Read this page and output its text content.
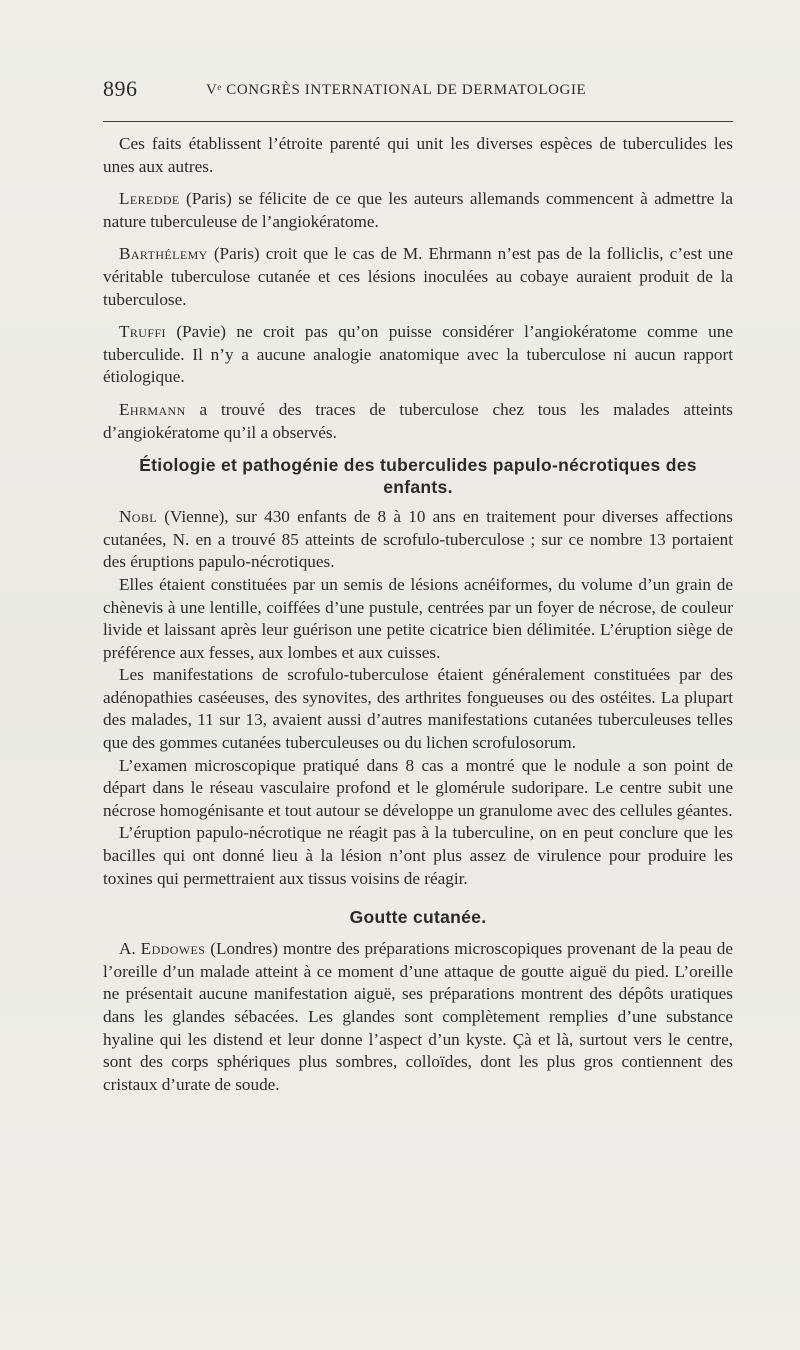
896	Vᵉ CONGRÈS INTERNATIONAL DE DERMATOLOGIE

Ces faits établissent l’étroite parenté qui unit les diverses espèces de tuberculides les unes aux autres.

Leredde (Paris) se félicite de ce que les auteurs allemands commencent à admettre la nature tuberculeuse de l’angiokératome.

Barthélemy (Paris) croit que le cas de M. Ehrmann n’est pas de la folliclis, c’est une véritable tuberculose cutanée et ces lésions inoculées au cobaye auraient produit de la tuberculose.

Truffi (Pavie) ne croit pas qu’on puisse considérer l’angiokératome comme une tuberculide. Il n’y a aucune analogie anatomique avec la tuberculose ni aucun rapport étiologique.

Ehrmann a trouvé des traces de tuberculose chez tous les malades atteints d’angiokératome qu’il a observés.

Étiologie et pathogénie des tuberculides papulo-nécrotiques des enfants.

Nobl (Vienne), sur 430 enfants de 8 à 10 ans en traitement pour diverses affections cutanées, N. en a trouvé 85 atteints de scrofulo-tuberculose ; sur ce nombre 13 portaient des éruptions papulo-nécrotiques.

Elles étaient constituées par un semis de lésions acnéiformes, du volume d’un grain de chènevis à une lentille, coiffées d’une pustule, centrées par un foyer de nécrose, de couleur livide et laissant après leur guérison une petite cicatrice bien délimitée. L’éruption siège de préférence aux fesses, aux lombes et aux cuisses.

Les manifestations de scrofulo-tuberculose étaient généralement constituées par des adénopathies caséeuses, des synovites, des arthrites fongueuses ou des ostéites. La plupart des malades, 11 sur 13, avaient aussi d’autres manifestations cutanées tuberculeuses telles que des gommes cutanées tuberculeuses ou du lichen scrofulosorum.

L’examen microscopique pratiqué dans 8 cas a montré que le nodule a son point de départ dans le réseau vasculaire profond et le glomérule sudoripare. Le centre subit une nécrose homogénisante et tout autour se développe un granulome avec des cellules géantes.

L’éruption papulo-nécrotique ne réagit pas à la tuberculine, on en peut conclure que les bacilles qui ont donné lieu à la lésion n’ont plus assez de virulence pour produire les toxines qui permettraient aux tissus voisins de réagir.

Goutte cutanée.

A. Eddowes (Londres) montre des préparations microscopiques provenant de la peau de l’oreille d’un malade atteint à ce moment d’une attaque de goutte aiguë du pied. L’oreille ne présentait aucune manifestation aiguë, ses préparations montrent des dépôts uratiques dans les glandes sébacées. Les glandes sont complètement remplies d’une substance hyaline qui les distend et leur donne l’aspect d’un kyste. Çà et là, surtout vers le centre, sont des corps sphériques plus sombres, colloïdes, dont les plus gros contiennent des cristaux d’urate de soude.
